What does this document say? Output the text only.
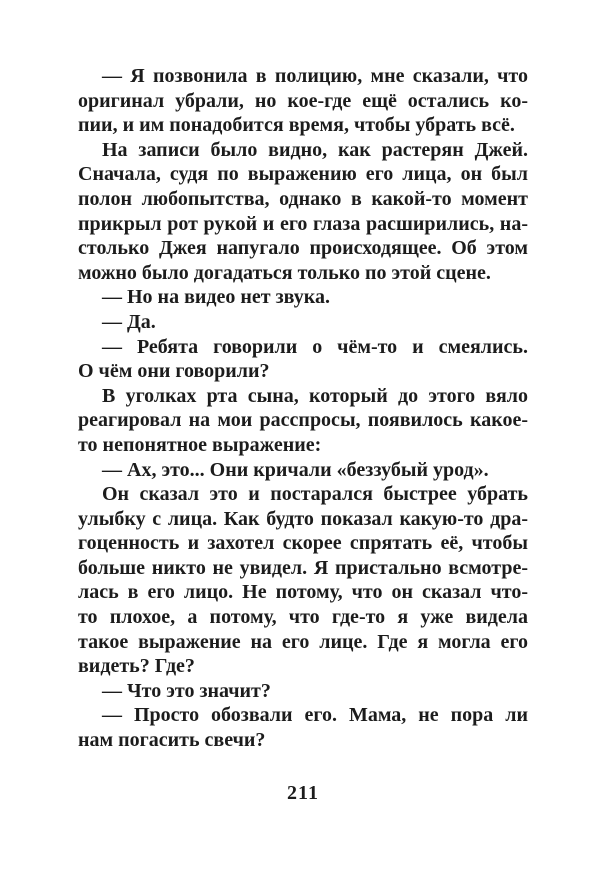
— Я позвонила в полицию, мне сказали, что
оригинал убрали, но кое-где ещё остались ко-
пии, и им понадобится время, чтобы убрать всё.
На записи было видно, как растерян Джей.
Сначала, судя по выражению его лица, он был
полон любопытства, однако в какой-то момент
прикрыл рот рукой и его глаза расширились, на-
столько Джея напугало происходящее. Об этом
можно было догадаться только по этой сцене.
— Но на видео нет звука.
— Да.
— Ребята говорили о чём-то и смеялись.
О чём они говорили?
В уголках рта сына, который до этого вяло
реагировал на мои расспросы, появилось какое-
то непонятное выражение:
— Ах, это... Они кричали «беззубый урод».
Он сказал это и постарался быстрее убрать
улыбку с лица. Как будто показал какую-то дра-
гоценность и захотел скорее спрятать её, чтобы
больше никто не увидел. Я пристально всмотре-
лась в его лицо. Не потому, что он сказал что-
то плохое, а потому, что где-то я уже видела
такое выражение на его лице. Где я могла его
видеть? Где?
— Что это значит?
— Просто обозвали его. Мама, не пора ли
нам погасить свечи?
211
